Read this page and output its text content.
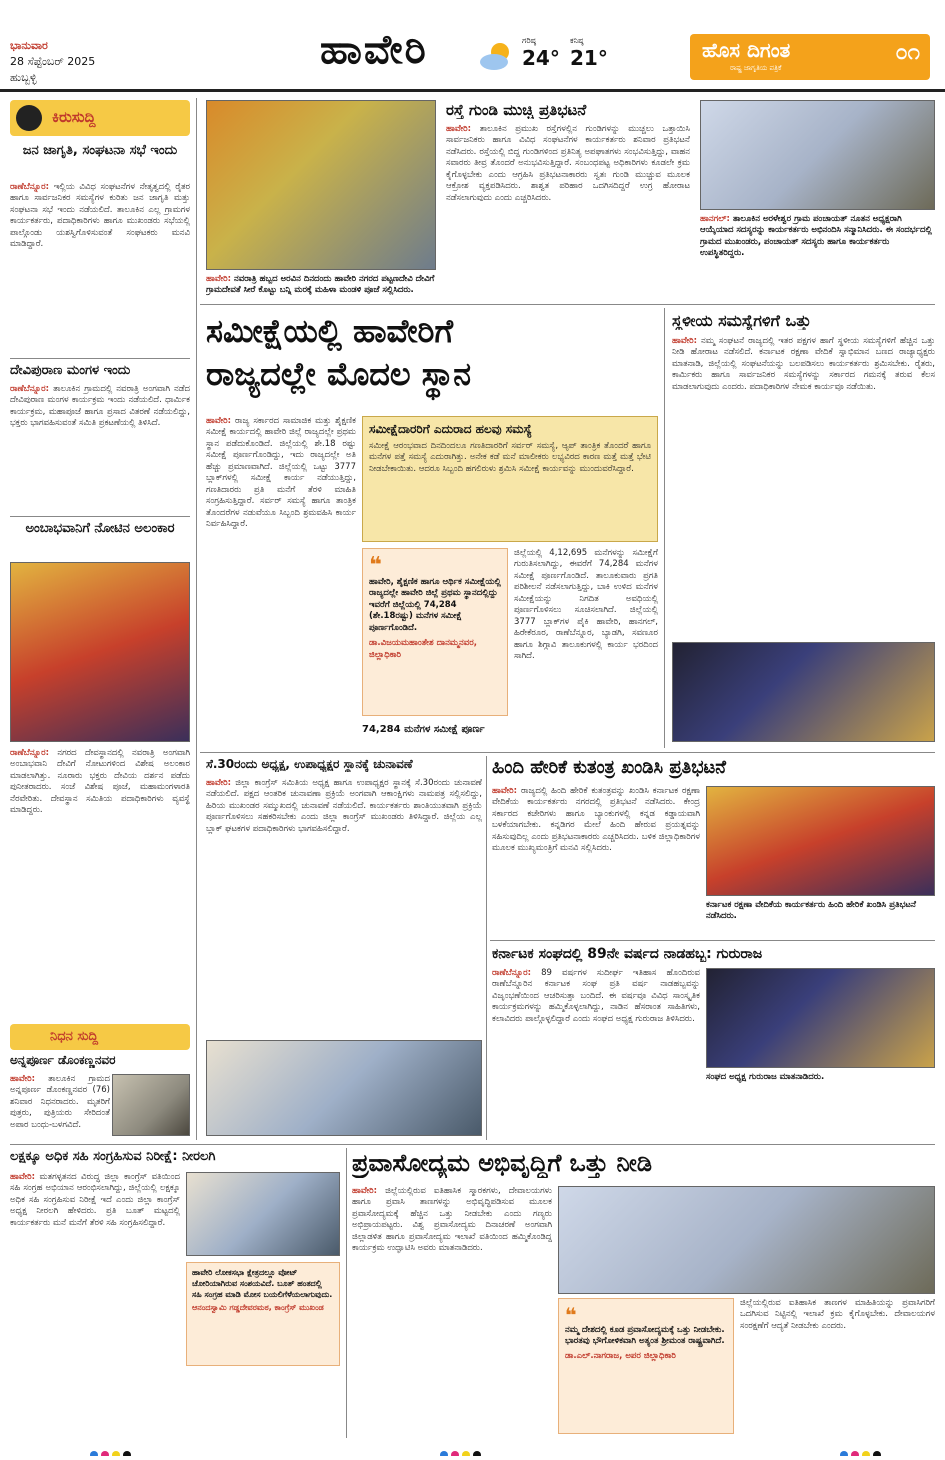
ಭಾನುವಾರ
28 ಸೆಪ್ಟೆಂಬರ್ 2025
ಹುಬ್ಬಳ್ಳಿ
ಹಾವೇರಿ	ಗರಿಷ್ಠ
24°
ಕನಿಷ್ಠ
21°	ಹೊಸ ದಿಗಂತ
ರಾಷ್ಟ್ರ ಜಾಗೃತಿಯ ಪತ್ರಿಕೆ
೦೧
ಕಿರುಸುದ್ದಿ
ಜನ ಜಾಗೃತಿ, ಸಂಘಟನಾ ಸಭೆ ಇಂದು
ರಾಣೆಬೆನ್ನೂರ: ಇಲ್ಲಿಯ ವಿವಿಧ ಸಂಘಟನೆಗಳ ನೇತೃತ್ವದಲ್ಲಿ ರೈತರ ಹಾಗೂ ಸಾರ್ವಜನಿಕರ ಸಮಸ್ಯೆಗಳ ಕುರಿತು ಜನ ಜಾಗೃತಿ ಮತ್ತು ಸಂಘಟನಾ ಸಭೆ ಇಂದು ನಡೆಯಲಿದೆ. ತಾಲೂಕಿನ ಎಲ್ಲ ಗ್ರಾಮಗಳ ಕಾರ್ಯಕರ್ತರು, ಪದಾಧಿಕಾರಿಗಳು ಹಾಗೂ ಮುಖಂಡರು ಸಭೆಯಲ್ಲಿ ಪಾಲ್ಗೊಂಡು ಯಶಸ್ವಿಗೊಳಿಸುವಂತೆ ಸಂಘಟಕರು ಮನವಿ ಮಾಡಿದ್ದಾರೆ.
ದೇವಿಪುರಾಣ ಮಂಗಳ ಇಂದು
ರಾಣೆಬೆನ್ನೂರ: ತಾಲೂಕಿನ ಗ್ರಾಮದಲ್ಲಿ ನವರಾತ್ರಿ ಅಂಗವಾಗಿ ನಡೆದ ದೇವಿಪುರಾಣ ಮಂಗಳ ಕಾರ್ಯಕ್ರಮ ಇಂದು ನಡೆಯಲಿದೆ. ಧಾರ್ಮಿಕ ಕಾರ್ಯಕ್ರಮ, ಮಹಾಪೂಜೆ ಹಾಗೂ ಪ್ರಸಾದ ವಿತರಣೆ ನಡೆಯಲಿದ್ದು, ಭಕ್ತರು ಭಾಗವಹಿಸುವಂತೆ ಸಮಿತಿ ಪ್ರಕಟಣೆಯಲ್ಲಿ ತಿಳಿಸಿದೆ.
ಅಂಬಾಭವಾನಿಗೆ ನೋಟಿನ ಅಲಂಕಾರ
ರಾಣೆಬೆನ್ನೂರ: ನಗರದ ದೇವಸ್ಥಾನದಲ್ಲಿ ನವರಾತ್ರಿ ಅಂಗವಾಗಿ ಅಂಬಾಭವಾನಿ ದೇವಿಗೆ ನೋಟುಗಳಿಂದ ವಿಶೇಷ ಅಲಂಕಾರ ಮಾಡಲಾಗಿತ್ತು. ನೂರಾರು ಭಕ್ತರು ದೇವಿಯ ದರ್ಶನ ಪಡೆದು ಪುನೀತರಾದರು. ಸಂಜೆ ವಿಶೇಷ ಪೂಜೆ, ಮಹಾಮಂಗಳಾರತಿ ನೆರವೇರಿತು. ದೇವಸ್ಥಾನ ಸಮಿತಿಯ ಪದಾಧಿಕಾರಿಗಳು ವ್ಯವಸ್ಥೆ ಮಾಡಿದ್ದರು.
ನಿಧನ ಸುದ್ದಿ
ಅನ್ನಪೂರ್ಣ ಡೊಂಕಣ್ಣನವರ
ಹಾವೇರಿ: ತಾಲೂಕಿನ ಗ್ರಾಮದ ಅನ್ನಪೂರ್ಣ ಡೊಂಕಣ್ಣನವರ (76) ಶನಿವಾರ ನಿಧನರಾದರು. ಮೃತರಿಗೆ ಪುತ್ರರು, ಪುತ್ರಿಯರು ಸೇರಿದಂತೆ ಅಪಾರ ಬಂಧು-ಬಳಗವಿದೆ.
ಹಾವೇರಿ: ನವರಾತ್ರಿ ಹಬ್ಬದ ಅರವಿನ ದಿನದಂದು ಹಾವೇರಿ ನಗರದ ಪಟ್ಟಣದೇವಿ ದೇವಿಗೆ ಗ್ರಾಮದೇವತೆ ಸೀರೆ ಕೊಟ್ಟು ಬನ್ನಿ ಮರಕ್ಕೆ ಮಹಿಳಾ ಮಂಡಳಿ ಪೂಜೆ ಸಲ್ಲಿಸಿದರು.
ರಸ್ತೆ ಗುಂಡಿ ಮುಚ್ಚಿ ಪ್ರತಿಭಟನೆ
ಹಾವೇರಿ: ತಾಲೂಕಿನ ಪ್ರಮುಖ ರಸ್ತೆಗಳಲ್ಲಿನ ಗುಂಡಿಗಳನ್ನು ಮುಚ್ಚಲು ಒತ್ತಾಯಿಸಿ ಸಾರ್ವಜನಿಕರು ಹಾಗೂ ವಿವಿಧ ಸಂಘಟನೆಗಳ ಕಾರ್ಯಕರ್ತರು ಶನಿವಾರ ಪ್ರತಿಭಟನೆ ನಡೆಸಿದರು. ರಸ್ತೆಯಲ್ಲಿ ಬಿದ್ದ ಗುಂಡಿಗಳಿಂದ ಪ್ರತಿನಿತ್ಯ ಅಪಘಾತಗಳು ಸಂಭವಿಸುತ್ತಿದ್ದು, ವಾಹನ ಸವಾರರು ತೀವ್ರ ತೊಂದರೆ ಅನುಭವಿಸುತ್ತಿದ್ದಾರೆ. ಸಂಬಂಧಪಟ್ಟ ಅಧಿಕಾರಿಗಳು ಕೂಡಲೇ ಕ್ರಮ ಕೈಗೊಳ್ಳಬೇಕು ಎಂದು ಆಗ್ರಹಿಸಿ ಪ್ರತಿಭಟನಾಕಾರರು ಸ್ವತಃ ಗುಂಡಿ ಮುಚ್ಚುವ ಮೂಲಕ ಆಕ್ರೋಶ ವ್ಯಕ್ತಪಡಿಸಿದರು. ಶಾಶ್ವತ ಪರಿಹಾರ ಒದಗಿಸದಿದ್ದರೆ ಉಗ್ರ ಹೋರಾಟ ನಡೆಸಲಾಗುವುದು ಎಂದು ಎಚ್ಚರಿಸಿದರು.
ಹಾನಗಲ್: ತಾಲೂಕಿನ ಅರಳೇಶ್ವರ ಗ್ರಾಮ ಪಂಚಾಯತ್ ನೂತನ ಅಧ್ಯಕ್ಷರಾಗಿ ಆಯ್ಕೆಯಾದ ಸದಸ್ಯರನ್ನು ಕಾರ್ಯಕರ್ತರು ಅಭಿನಂದಿಸಿ ಸನ್ಮಾನಿಸಿದರು. ಈ ಸಂದರ್ಭದಲ್ಲಿ ಗ್ರಾಮದ ಮುಖಂಡರು, ಪಂಚಾಯತ್ ಸದಸ್ಯರು ಹಾಗೂ ಕಾರ್ಯಕರ್ತರು ಉಪಸ್ಥಿತರಿದ್ದರು.
ಸಮೀಕ್ಷೆಯಲ್ಲಿ ಹಾವೇರಿಗೆ
ರಾಜ್ಯದಲ್ಲೇ ಮೊದಲ ಸ್ಥಾನ
ಹಾವೇರಿ: ರಾಜ್ಯ ಸರ್ಕಾರದ ಸಾಮಾಜಿಕ ಮತ್ತು ಶೈಕ್ಷಣಿಕ ಸಮೀಕ್ಷೆ ಕಾರ್ಯದಲ್ಲಿ ಹಾವೇರಿ ಜಿಲ್ಲೆ ರಾಜ್ಯದಲ್ಲೇ ಪ್ರಥಮ ಸ್ಥಾನ ಪಡೆದುಕೊಂಡಿದೆ. ಜಿಲ್ಲೆಯಲ್ಲಿ ಶೇ.18 ರಷ್ಟು ಸಮೀಕ್ಷೆ ಪೂರ್ಣಗೊಂಡಿದ್ದು, ಇದು ರಾಜ್ಯದಲ್ಲೇ ಅತಿ ಹೆಚ್ಚು ಪ್ರಮಾಣವಾಗಿದೆ. ಜಿಲ್ಲೆಯಲ್ಲಿ ಒಟ್ಟು 3777 ಬ್ಲಾಕ್‌ಗಳಲ್ಲಿ ಸಮೀಕ್ಷೆ ಕಾರ್ಯ ನಡೆಯುತ್ತಿದ್ದು, ಗಣತಿದಾರರು ಪ್ರತಿ ಮನೆಗೆ ತೆರಳಿ ಮಾಹಿತಿ ಸಂಗ್ರಹಿಸುತ್ತಿದ್ದಾರೆ. ಸರ್ವರ್ ಸಮಸ್ಯೆ ಹಾಗೂ ತಾಂತ್ರಿಕ ತೊಂದರೆಗಳ ನಡುವೆಯೂ ಸಿಬ್ಬಂದಿ ಶ್ರಮವಹಿಸಿ ಕಾರ್ಯ ನಿರ್ವಹಿಸಿದ್ದಾರೆ.
ಸಮೀಕ್ಷೆದಾರರಿಗೆ ಎದುರಾದ ಹಲವು ಸಮಸ್ಯೆ
ಸಮೀಕ್ಷೆ ಆರಂಭವಾದ ದಿನದಿಂದಲೂ ಗಣತಿದಾರರಿಗೆ ಸರ್ವರ್ ಸಮಸ್ಯೆ, ಆ್ಯಪ್ ತಾಂತ್ರಿಕ ತೊಂದರೆ ಹಾಗೂ ಮನೆಗಳ ಪತ್ತೆ ಸಮಸ್ಯೆ ಎದುರಾಗಿತ್ತು. ಅನೇಕ ಕಡೆ ಮನೆ ಮಾಲೀಕರು ಲಭ್ಯವಿರದ ಕಾರಣ ಮತ್ತೆ ಮತ್ತೆ ಭೇಟಿ ನೀಡಬೇಕಾಯಿತು. ಆದರೂ ಸಿಬ್ಬಂದಿ ಹಗಲಿರುಳು ಶ್ರಮಿಸಿ ಸಮೀಕ್ಷೆ ಕಾರ್ಯವನ್ನು ಮುಂದುವರೆಸಿದ್ದಾರೆ.
❝
ಹಾವೇರಿ, ಶೈಕ್ಷಣಿಕ ಹಾಗೂ ಆರ್ಥಿಕ ಸಮೀಕ್ಷೆಯಲ್ಲಿ ರಾಜ್ಯದಲ್ಲೇ ಹಾವೇರಿ ಜಿಲ್ಲೆ ಪ್ರಥಮ ಸ್ಥಾನದಲ್ಲಿದ್ದು ಇವರೆಗೆ ಜಿಲ್ಲೆಯಲ್ಲಿ 74,284 (ಶೇ.18ರಷ್ಟು) ಮನೆಗಳ ಸಮೀಕ್ಷೆ ಪೂರ್ಣಗೊಂಡಿದೆ.
ಡಾ.ವಿಜಯಮಹಾಂತೇಶ ದಾನಮ್ಮನವರ, ಜಿಲ್ಲಾಧಿಕಾರಿ
ಜಿಲ್ಲೆಯಲ್ಲಿ 4,12,695 ಮನೆಗಳನ್ನು ಸಮೀಕ್ಷೆಗೆ ಗುರುತಿಸಲಾಗಿದ್ದು, ಈವರೆಗೆ 74,284 ಮನೆಗಳ ಸಮೀಕ್ಷೆ ಪೂರ್ಣಗೊಂಡಿದೆ. ತಾಲೂಕುವಾರು ಪ್ರಗತಿ ಪರಿಶೀಲನೆ ನಡೆಸಲಾಗುತ್ತಿದ್ದು, ಬಾಕಿ ಉಳಿದ ಮನೆಗಳ ಸಮೀಕ್ಷೆಯನ್ನು ನಿಗದಿತ ಅವಧಿಯಲ್ಲಿ ಪೂರ್ಣಗೊಳಿಸಲು ಸೂಚಿಸಲಾಗಿದೆ. ಜಿಲ್ಲೆಯಲ್ಲಿ 3777 ಬ್ಲಾಕ್‌ಗಳ ಪೈಕಿ ಹಾವೇರಿ, ಹಾನಗಲ್, ಹಿರೇಕೆರೂರ, ರಾಣೆಬೆನ್ನೂರ, ಬ್ಯಾಡಗಿ, ಸವಣೂರ ಹಾಗೂ ಶಿಗ್ಗಾವಿ ತಾಲೂಕುಗಳಲ್ಲಿ ಕಾರ್ಯ ಭರದಿಂದ ಸಾಗಿದೆ.
74,284 ಮನೆಗಳ ಸಮೀಕ್ಷೆ ಪೂರ್ಣ
ಸ್ಥಳೀಯ ಸಮಸ್ಯೆಗಳಿಗೆ ಒತ್ತು
ಹಾವೇರಿ: ನಮ್ಮ ಸಂಘಟನೆ ರಾಜ್ಯದಲ್ಲಿ ಇತರ ಪಕ್ಷಗಳ ಹಾಗೆ ಸ್ಥಳೀಯ ಸಮಸ್ಯೆಗಳಿಗೆ ಹೆಚ್ಚಿನ ಒತ್ತು ನೀಡಿ ಹೋರಾಟ ನಡೆಸಲಿದೆ. ಕರ್ನಾಟಕ ರಕ್ಷಣಾ ವೇದಿಕೆ ಸ್ವಾಭಿಮಾನ ಬಣದ ರಾಜ್ಯಾಧ್ಯಕ್ಷರು ಮಾತನಾಡಿ, ಜಿಲ್ಲೆಯಲ್ಲಿ ಸಂಘಟನೆಯನ್ನು ಬಲಪಡಿಸಲು ಕಾರ್ಯಕರ್ತರು ಶ್ರಮಿಸಬೇಕು. ರೈತರು, ಕಾರ್ಮಿಕರು ಹಾಗೂ ಸಾರ್ವಜನಿಕರ ಸಮಸ್ಯೆಗಳನ್ನು ಸರ್ಕಾರದ ಗಮನಕ್ಕೆ ತರುವ ಕೆಲಸ ಮಾಡಲಾಗುವುದು ಎಂದರು. ಪದಾಧಿಕಾರಿಗಳ ನೇಮಕ ಕಾರ್ಯವೂ ನಡೆಯಿತು.
ಸೆ.30ರಂದು ಅಧ್ಯಕ್ಷ, ಉಪಾಧ್ಯಕ್ಷರ ಸ್ಥಾನಕ್ಕೆ ಚುನಾವಣೆ
ಹಾವೇರಿ: ಜಿಲ್ಲಾ ಕಾಂಗ್ರೆಸ್ ಸಮಿತಿಯ ಅಧ್ಯಕ್ಷ ಹಾಗೂ ಉಪಾಧ್ಯಕ್ಷರ ಸ್ಥಾನಕ್ಕೆ ಸೆ.30ರಂದು ಚುನಾವಣೆ ನಡೆಯಲಿದೆ. ಪಕ್ಷದ ಆಂತರಿಕ ಚುನಾವಣಾ ಪ್ರಕ್ರಿಯೆ ಅಂಗವಾಗಿ ಆಕಾಂಕ್ಷಿಗಳು ನಾಮಪತ್ರ ಸಲ್ಲಿಸಲಿದ್ದು, ಹಿರಿಯ ಮುಖಂಡರ ಸಮ್ಮುಖದಲ್ಲಿ ಚುನಾವಣೆ ನಡೆಯಲಿದೆ. ಕಾರ್ಯಕರ್ತರು ಶಾಂತಿಯುತವಾಗಿ ಪ್ರಕ್ರಿಯೆ ಪೂರ್ಣಗೊಳಿಸಲು ಸಹಕರಿಸಬೇಕು ಎಂದು ಜಿಲ್ಲಾ ಕಾಂಗ್ರೆಸ್ ಮುಖಂಡರು ತಿಳಿಸಿದ್ದಾರೆ. ಜಿಲ್ಲೆಯ ಎಲ್ಲ ಬ್ಲಾಕ್ ಘಟಕಗಳ ಪದಾಧಿಕಾರಿಗಳು ಭಾಗವಹಿಸಲಿದ್ದಾರೆ.
ಹಿಂದಿ ಹೇರಿಕೆ ಕುತಂತ್ರ ಖಂಡಿಸಿ ಪ್ರತಿಭಟನೆ
ಹಾವೇರಿ: ರಾಜ್ಯದಲ್ಲಿ ಹಿಂದಿ ಹೇರಿಕೆ ಕುತಂತ್ರವನ್ನು ಖಂಡಿಸಿ ಕರ್ನಾಟಕ ರಕ್ಷಣಾ ವೇದಿಕೆಯ ಕಾರ್ಯಕರ್ತರು ನಗರದಲ್ಲಿ ಪ್ರತಿಭಟನೆ ನಡೆಸಿದರು. ಕೇಂದ್ರ ಸರ್ಕಾರದ ಕಚೇರಿಗಳು ಹಾಗೂ ಬ್ಯಾಂಕುಗಳಲ್ಲಿ ಕನ್ನಡ ಕಡ್ಡಾಯವಾಗಿ ಬಳಕೆಯಾಗಬೇಕು. ಕನ್ನಡಿಗರ ಮೇಲೆ ಹಿಂದಿ ಹೇರುವ ಪ್ರಯತ್ನವನ್ನು ಸಹಿಸುವುದಿಲ್ಲ ಎಂದು ಪ್ರತಿಭಟನಾಕಾರರು ಎಚ್ಚರಿಸಿದರು. ಬಳಿಕ ಜಿಲ್ಲಾಧಿಕಾರಿಗಳ ಮೂಲಕ ಮುಖ್ಯಮಂತ್ರಿಗೆ ಮನವಿ ಸಲ್ಲಿಸಿದರು.
ಕರ್ನಾಟಕ ರಕ್ಷಣಾ ವೇದಿಕೆಯ ಕಾರ್ಯಕರ್ತರು ಹಿಂದಿ ಹೇರಿಕೆ ಖಂಡಿಸಿ ಪ್ರತಿಭಟನೆ ನಡೆಸಿದರು.
ಕರ್ನಾಟಕ ಸಂಘದಲ್ಲಿ 89ನೇ ವರ್ಷದ ನಾಡಹಬ್ಬ: ಗುರುರಾಜ
ರಾಣೆಬೆನ್ನೂರ: 89 ವರ್ಷಗಳ ಸುದೀರ್ಘ ಇತಿಹಾಸ ಹೊಂದಿರುವ ರಾಣೆಬೆನ್ನೂರಿನ ಕರ್ನಾಟಕ ಸಂಘ ಪ್ರತಿ ವರ್ಷ ನಾಡಹಬ್ಬವನ್ನು ವಿಜೃಂಭಣೆಯಿಂದ ಆಚರಿಸುತ್ತಾ ಬಂದಿದೆ. ಈ ವರ್ಷವೂ ವಿವಿಧ ಸಾಂಸ್ಕೃತಿಕ ಕಾರ್ಯಕ್ರಮಗಳನ್ನು ಹಮ್ಮಿಕೊಳ್ಳಲಾಗಿದ್ದು, ನಾಡಿನ ಹೆಸರಾಂತ ಸಾಹಿತಿಗಳು, ಕಲಾವಿದರು ಪಾಲ್ಗೊಳ್ಳಲಿದ್ದಾರೆ ಎಂದು ಸಂಘದ ಅಧ್ಯಕ್ಷ ಗುರುರಾಜ ತಿಳಿಸಿದರು.
ಸಂಘದ ಅಧ್ಯಕ್ಷ ಗುರುರಾಜ ಮಾತನಾಡಿದರು.
ಲಕ್ಷಕ್ಕೂ ಅಧಿಕ ಸಹಿ ಸಂಗ್ರಹಿಸುವ ನಿರೀಕ್ಷೆ: ನೀರಲಗಿ
ಹಾವೇರಿ: ಮತಗಳ್ಳತನದ ವಿರುದ್ಧ ಜಿಲ್ಲಾ ಕಾಂಗ್ರೆಸ್ ವತಿಯಿಂದ ಸಹಿ ಸಂಗ್ರಹ ಅಭಿಯಾನ ಆರಂಭಿಸಲಾಗಿದ್ದು, ಜಿಲ್ಲೆಯಲ್ಲಿ ಲಕ್ಷಕ್ಕೂ ಅಧಿಕ ಸಹಿ ಸಂಗ್ರಹಿಸುವ ನಿರೀಕ್ಷೆ ಇದೆ ಎಂದು ಜಿಲ್ಲಾ ಕಾಂಗ್ರೆಸ್ ಅಧ್ಯಕ್ಷ ನೀರಲಗಿ ಹೇಳಿದರು. ಪ್ರತಿ ಬೂತ್ ಮಟ್ಟದಲ್ಲಿ ಕಾರ್ಯಕರ್ತರು ಮನೆ ಮನೆಗೆ ತೆರಳಿ ಸಹಿ ಸಂಗ್ರಹಿಸಲಿದ್ದಾರೆ.
ಹಾವೇರಿ ಲೋಕಸಭಾ ಕ್ಷೇತ್ರದಲ್ಲೂ ವೋಟ್ ಚೋರಿಯಾಗಿರುವ ಸಂಶಯವಿದೆ. ಬೂತ್ ಹಂತದಲ್ಲಿ ಸಹಿ ಸಂಗ್ರಹ ಮಾಡಿ ಮೋಸ ಬಯಲಿಗೆಳೆಯಲಾಗುವುದು.
ಆನಂದಸ್ವಾಮಿ ಗಡ್ಡದೇವರಮಠ, ಕಾಂಗ್ರೆಸ್ ಮುಖಂಡ
ಪ್ರವಾಸೋದ್ಯಮ ಅಭಿವೃದ್ಧಿಗೆ ಒತ್ತು ನೀಡಿ
ಹಾವೇರಿ: ಜಿಲ್ಲೆಯಲ್ಲಿರುವ ಐತಿಹಾಸಿಕ ಸ್ಮಾರಕಗಳು, ದೇವಾಲಯಗಳು ಹಾಗೂ ಪ್ರವಾಸಿ ತಾಣಗಳನ್ನು ಅಭಿವೃದ್ಧಿಪಡಿಸುವ ಮೂಲಕ ಪ್ರವಾಸೋದ್ಯಮಕ್ಕೆ ಹೆಚ್ಚಿನ ಒತ್ತು ನೀಡಬೇಕು ಎಂದು ಗಣ್ಯರು ಅಭಿಪ್ರಾಯಪಟ್ಟರು. ವಿಶ್ವ ಪ್ರವಾಸೋದ್ಯಮ ದಿನಾಚರಣೆ ಅಂಗವಾಗಿ ಜಿಲ್ಲಾಡಳಿತ ಹಾಗೂ ಪ್ರವಾಸೋದ್ಯಮ ಇಲಾಖೆ ವತಿಯಿಂದ ಹಮ್ಮಿಕೊಂಡಿದ್ದ ಕಾರ್ಯಕ್ರಮ ಉದ್ಘಾಟಿಸಿ ಅವರು ಮಾತನಾಡಿದರು.
❝
ನಮ್ಮ ದೇಶದಲ್ಲಿ ಕೂಡ ಪ್ರವಾಸೋದ್ಯಮಕ್ಕೆ ಒತ್ತು ನೀಡಬೇಕು. ಭಾರತವು ಭೌಗೋಳಿಕವಾಗಿ ಅತ್ಯಂತ ಶ್ರೀಮಂತ ರಾಷ್ಟ್ರವಾಗಿದೆ.
ಡಾ.ಎಲ್.ನಾಗರಾಜ, ಅಪರ ಜಿಲ್ಲಾಧಿಕಾರಿ
ಜಿಲ್ಲೆಯಲ್ಲಿರುವ ಐತಿಹಾಸಿಕ ತಾಣಗಳ ಮಾಹಿತಿಯನ್ನು ಪ್ರವಾಸಿಗರಿಗೆ ಒದಗಿಸುವ ನಿಟ್ಟಿನಲ್ಲಿ ಇಲಾಖೆ ಕ್ರಮ ಕೈಗೊಳ್ಳಬೇಕು. ದೇವಾಲಯಗಳ ಸಂರಕ್ಷಣೆಗೆ ಆದ್ಯತೆ ನೀಡಬೇಕು ಎಂದರು.
